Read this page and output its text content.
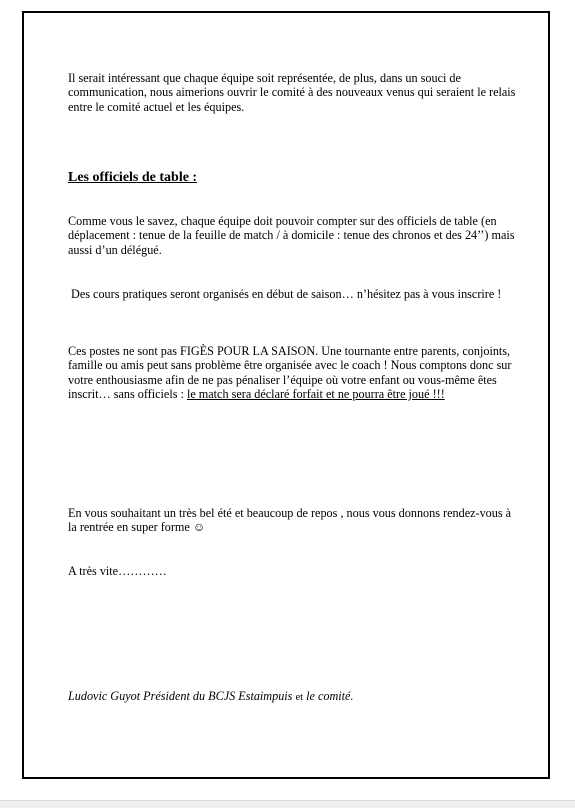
Il serait intéressant que chaque équipe soit représentée, de plus, dans un souci de communication, nous aimerions ouvrir le comité à des nouveaux venus qui seraient le relais entre le comité actuel et les équipes.
Les officiels de table :
Comme vous le savez, chaque équipe doit pouvoir compter sur des officiels de table (en déplacement : tenue de la feuille de match / à domicile : tenue des chronos et des 24’’) mais aussi d’un délégué.
Des cours pratiques seront organisés en début de saison… n’hésitez pas à vous inscrire !
Ces postes ne sont pas FIGÈS POUR LA SAISON. Une tournante entre parents, conjoints, famille ou amis peut sans problème être organisée avec le coach ! Nous comptons donc sur votre enthousiasme afin de ne pas pénaliser l’équipe où votre enfant ou vous-même êtes inscrit… sans officiels : le match sera déclaré forfait et ne pourra être joué !!!
En vous souhaitant un très bel été et beaucoup de repos , nous vous donnons rendez-vous à la rentrée en super forme ☺
A très vite…………
Ludovic Guyot Président du BCJS Estaimpuis et le comité.
